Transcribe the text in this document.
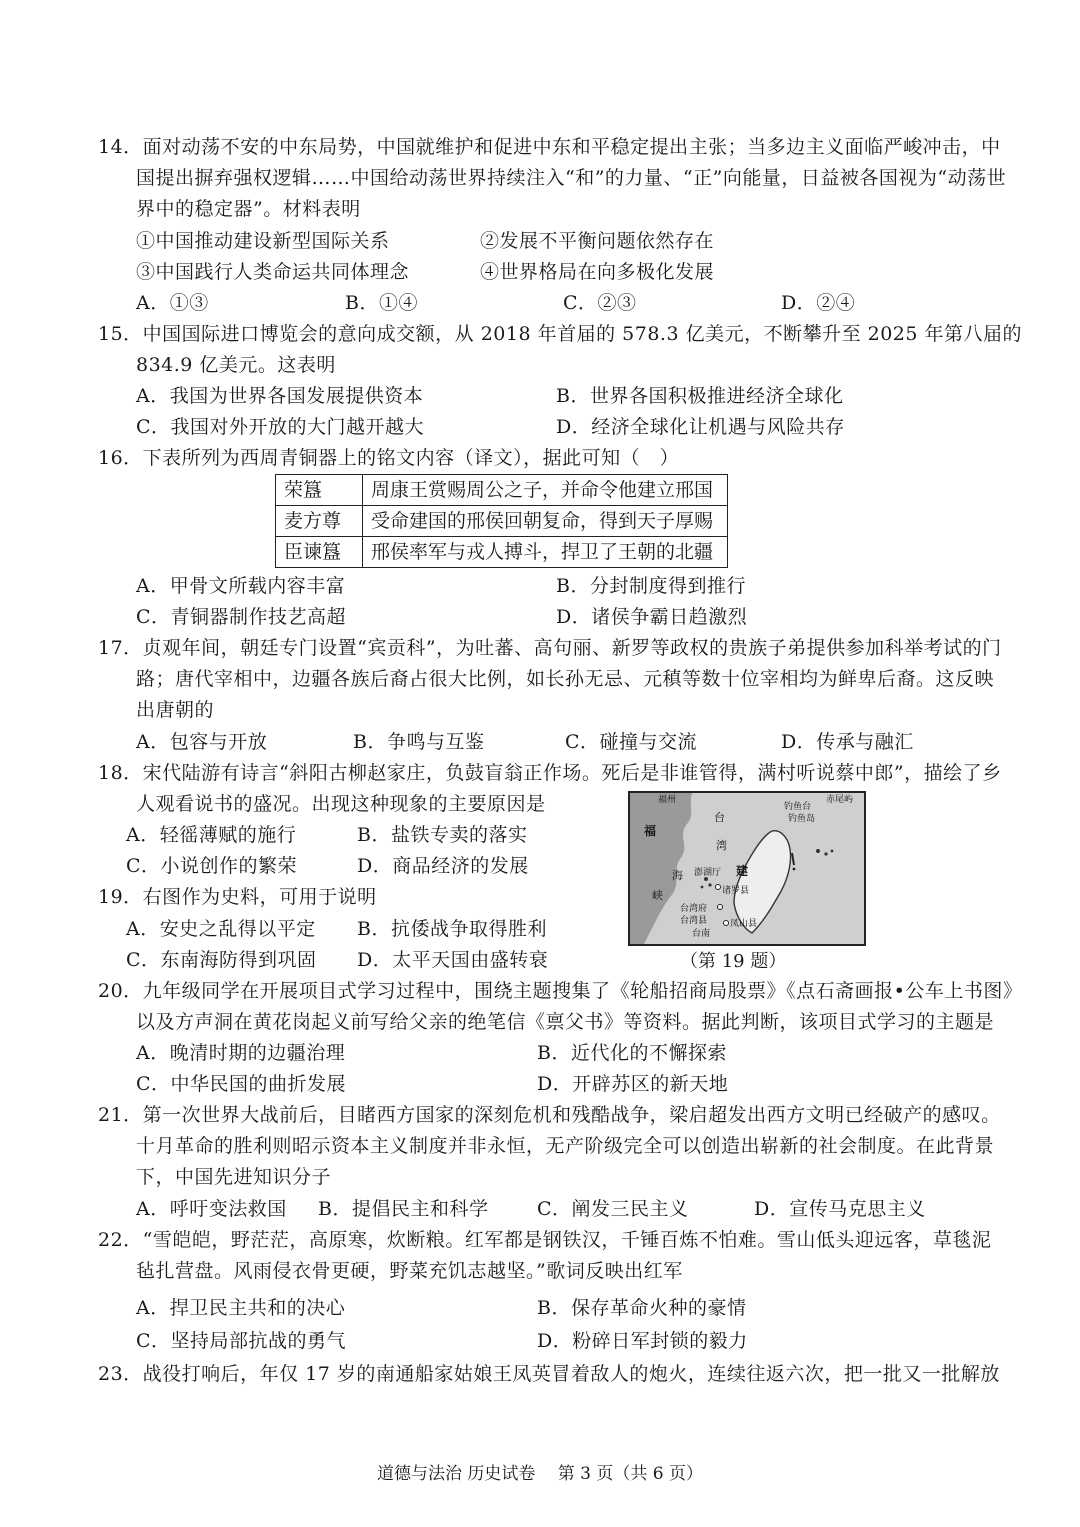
14．面对动荡不安的中东局势，中国就维护和促进中东和平稳定提出主张；当多边主义面临严峻冲击，中
国提出摒弃强权逻辑……中国给动荡世界持续注入“和”的力量、“正”向能量，日益被各国视为“动荡世
界中的稳定器”。材料表明
①中国推动建设新型国际关系	②发展不平衡问题依然存在
③中国践行人类命运共同体理念	④世界格局在向多极化发展
A．①③	B．①④	C．②③	D．②④
15．中国国际进口博览会的意向成交额，从 2018 年首届的 578.3 亿美元，不断攀升至 2025 年第八届的
834.9 亿美元。这表明
A．我国为世界各国发展提供资本	B．世界各国积极推进经济全球化
C．我国对外开放的大门越开越大	D．经济全球化让机遇与风险共存
16．下表所列为西周青铜器上的铭文内容（译文），据此可知（　）
荣簋	周康王赏赐周公之子，并命令他建立邢国
麦方尊	受命建国的邢侯回朝复命，得到天子厚赐
臣谏簋	邢侯率军与戎人搏斗，捍卫了王朝的北疆
A．甲骨文所载内容丰富	B．分封制度得到推行
C．青铜器制作技艺高超	D．诸侯争霸日趋激烈
17．贞观年间，朝廷专门设置“宾贡科”，为吐蕃、高句丽、新罗等政权的贵族子弟提供参加科举考试的门
路；唐代宰相中，边疆各族后裔占很大比例，如长孙无忌、元稹等数十位宰相均为鲜卑后裔。这反映
出唐朝的
A．包容与开放	B．争鸣与互鉴	C．碰撞与交流	D．传承与融汇
18．宋代陆游有诗言“斜阳古柳赵家庄，负鼓盲翁正作场。死后是非谁管得，满村听说蔡中郎”，描绘了乡
人观看说书的盛况。出现这种现象的主要原因是
A．轻徭薄赋的施行	B．盐铁专卖的落实
C．小说创作的繁荣	D．商品经济的发展
19．右图作为史料，可用于说明
A．安史之乱得以平定 B．抗倭战争取得胜利
C．东南海防得到巩固 D．太平天国由盛转衰
福州
钓鱼台
钓鱼岛
赤尾屿
福
台
湾
建
海 澎湖厅
诸罗县
峡
台湾府
台湾县	凤山县
台南
（第 19 题）
20．九年级同学在开展项目式学习过程中，围绕主题搜集了《轮船招商局股票》《点石斋画报•公车上书图》
以及方声洞在黄花岗起义前写给父亲的绝笔信《禀父书》等资料。据此判断，该项目式学习的主题是
A．晚清时期的边疆治理	B．近代化的不懈探索
C．中华民国的曲折发展	D．开辟苏区的新天地
21．第一次世界大战前后，目睹西方国家的深刻危机和残酷战争，梁启超发出西方文明已经破产的感叹。
十月革命的胜利则昭示资本主义制度并非永恒，无产阶级完全可以创造出崭新的社会制度。在此背景
下，中国先进知识分子
A．呼吁变法救国 B．提倡民主和科学	C．阐发三民主义	D．宣传马克思主义
22．“雪皑皑，野茫茫，高原寒，炊断粮。红军都是钢铁汉，千锤百炼不怕难。雪山低头迎远客，草毯泥
毡扎营盘。风雨侵衣骨更硬，野菜充饥志越坚。”歌词反映出红军
A．捍卫民主共和的决心	B．保存革命火种的豪情
C．坚持局部抗战的勇气	D．粉碎日军封锁的毅力
23．战役打响后，年仅 17 岁的南通船家姑娘王凤英冒着敌人的炮火，连续往返六次，把一批又一批解放
道德与法治 历史试卷　 第 3 页（共 6 页）
